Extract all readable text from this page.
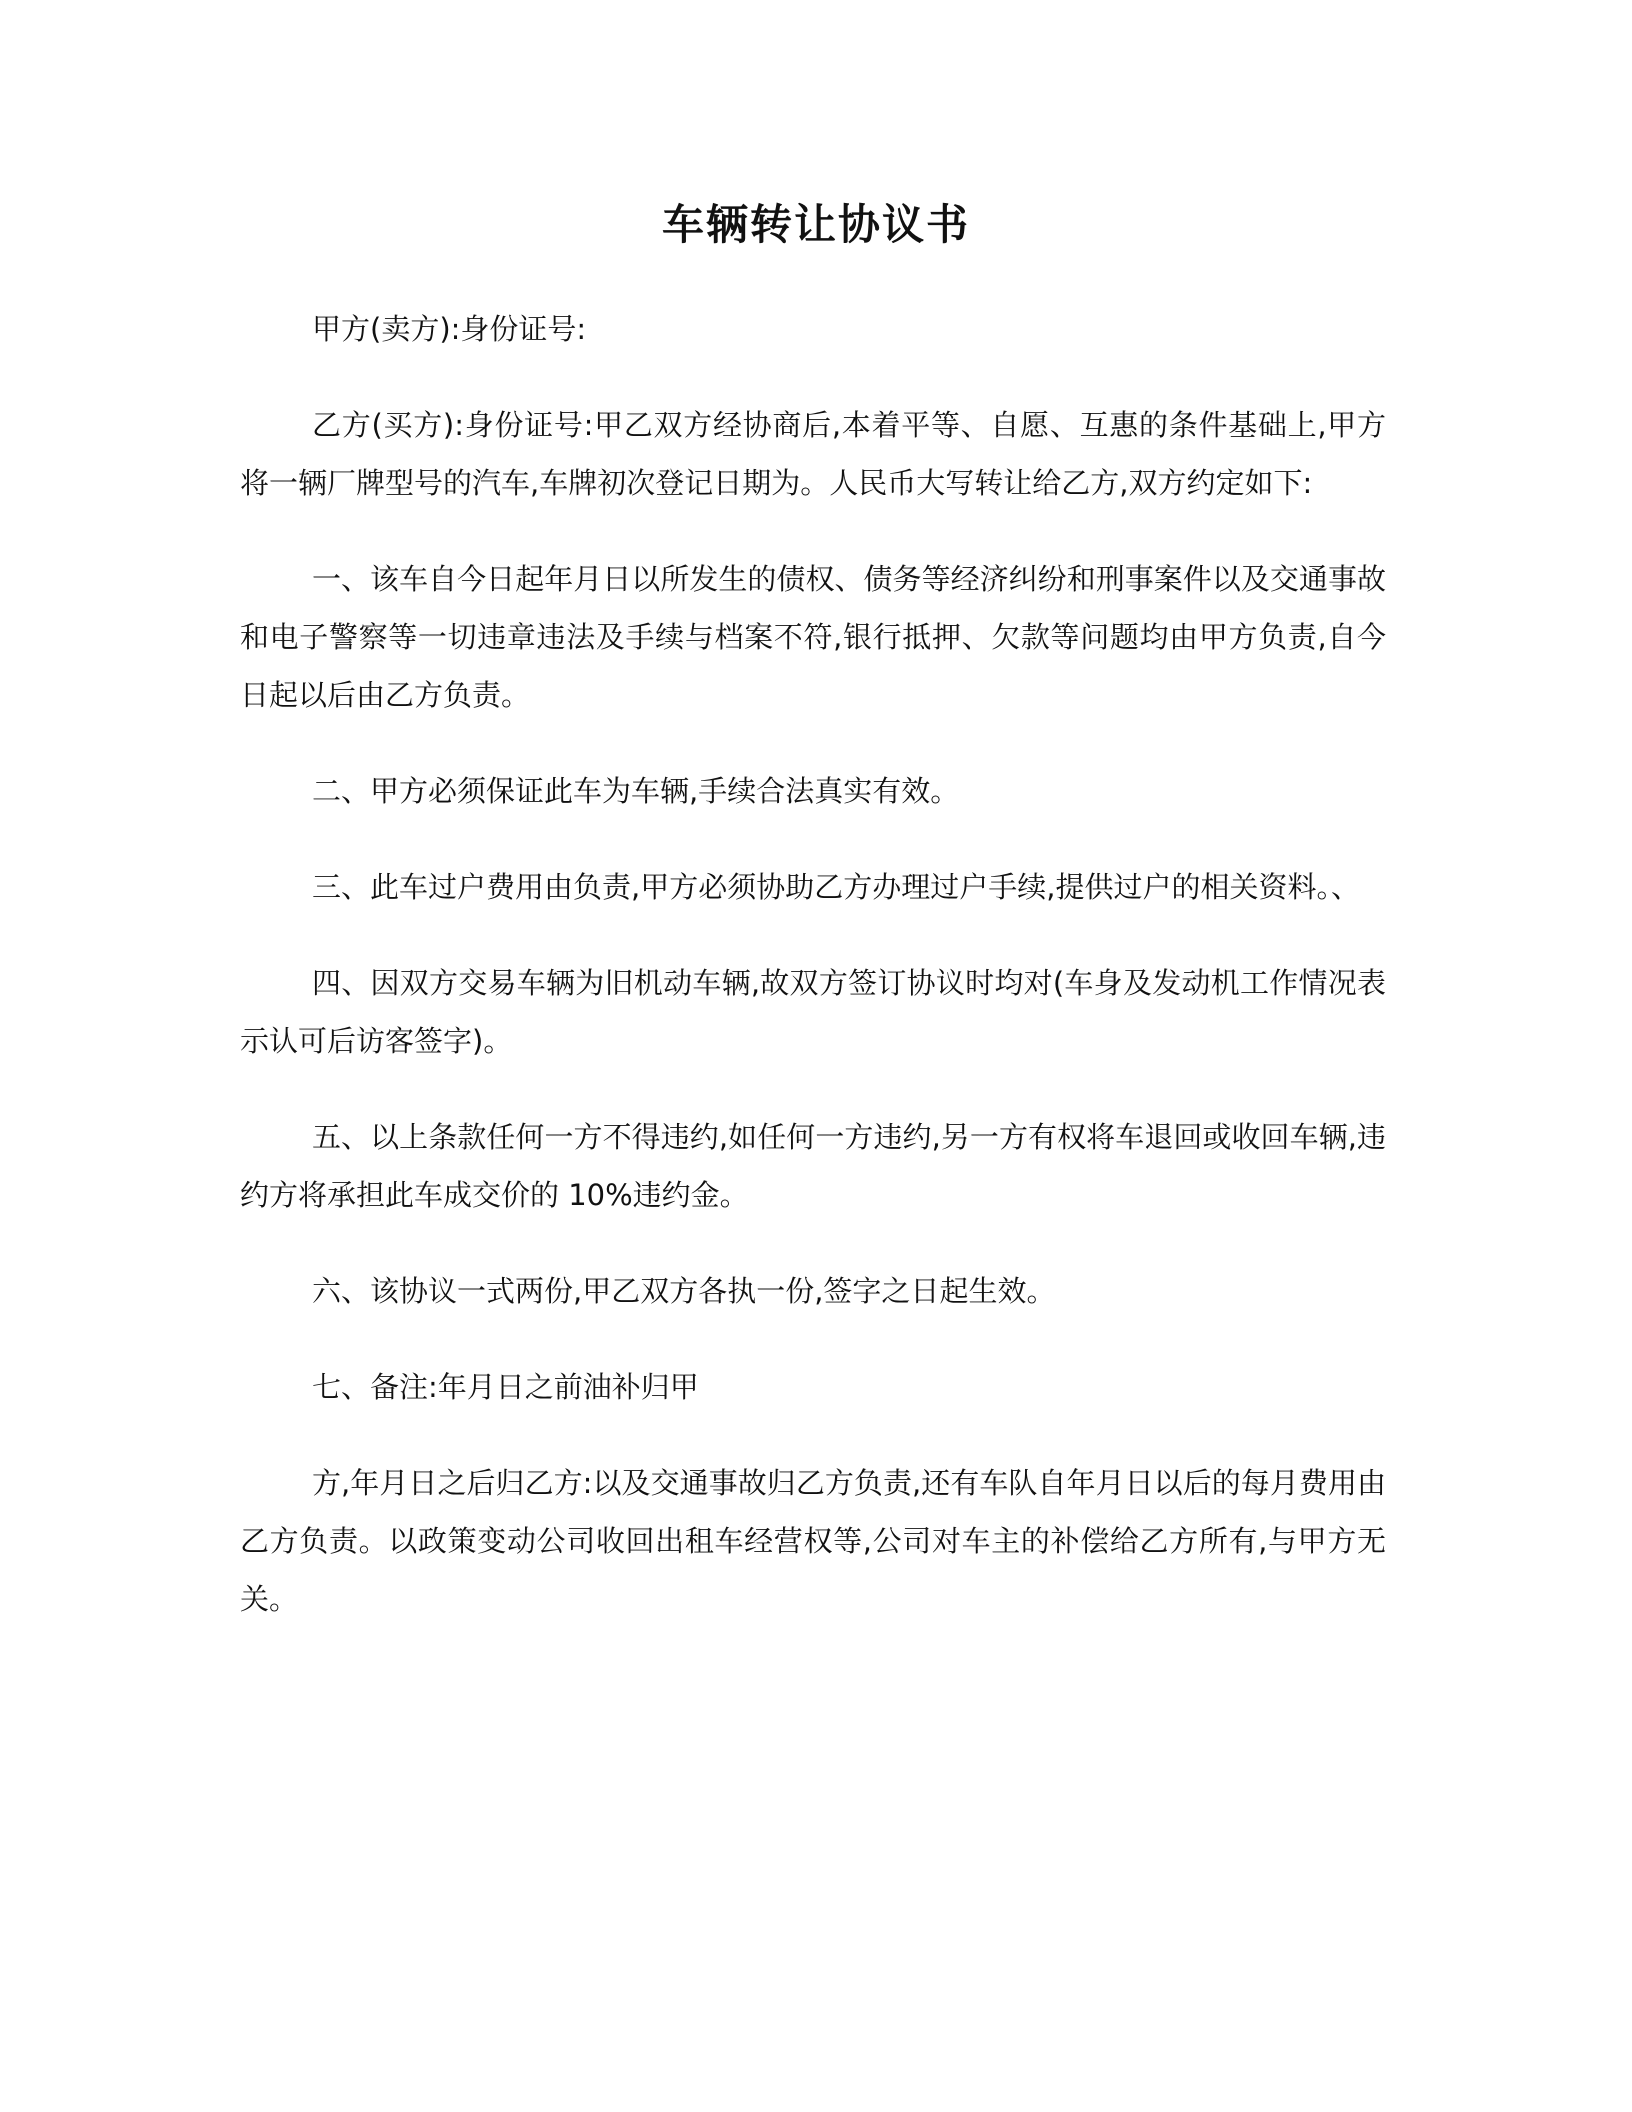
车辆转让协议书

甲方(卖方):身份证号:

乙方(买方):身份证号:甲乙双方经协商后,本着平等、自愿、互惠的条件基础上,甲方将一辆厂牌型号的汽车,车牌初次登记日期为。人民币大写转让给乙方,双方约定如下:

一、该车自今日起年月日以所发生的债权、债务等经济纠纷和刑事案件以及交通事故和电子警察等一切违章违法及手续与档案不符,银行抵押、欠款等问题均由甲方负责,自今日起以后由乙方负责。

二、甲方必须保证此车为车辆,手续合法真实有效。

三、此车过户费用由负责,甲方必须协助乙方办理过户手续,提供过户的相关资料。、

四、因双方交易车辆为旧机动车辆,故双方签订协议时均对(车身及发动机工作情况表示认可后访客签字)。

五、以上条款任何一方不得违约,如任何一方违约,另一方有权将车退回或收回车辆,违约方将承担此车成交价的 10%违约金。

六、该协议一式两份,甲乙双方各执一份,签字之日起生效。

七、备注:年月日之前油补归甲

方,年月日之后归乙方:以及交通事故归乙方负责,还有车队自年月日以后的每月费用由乙方负责。以政策变动公司收回出租车经营权等,公司对车主的补偿给乙方所有,与甲方无关。
